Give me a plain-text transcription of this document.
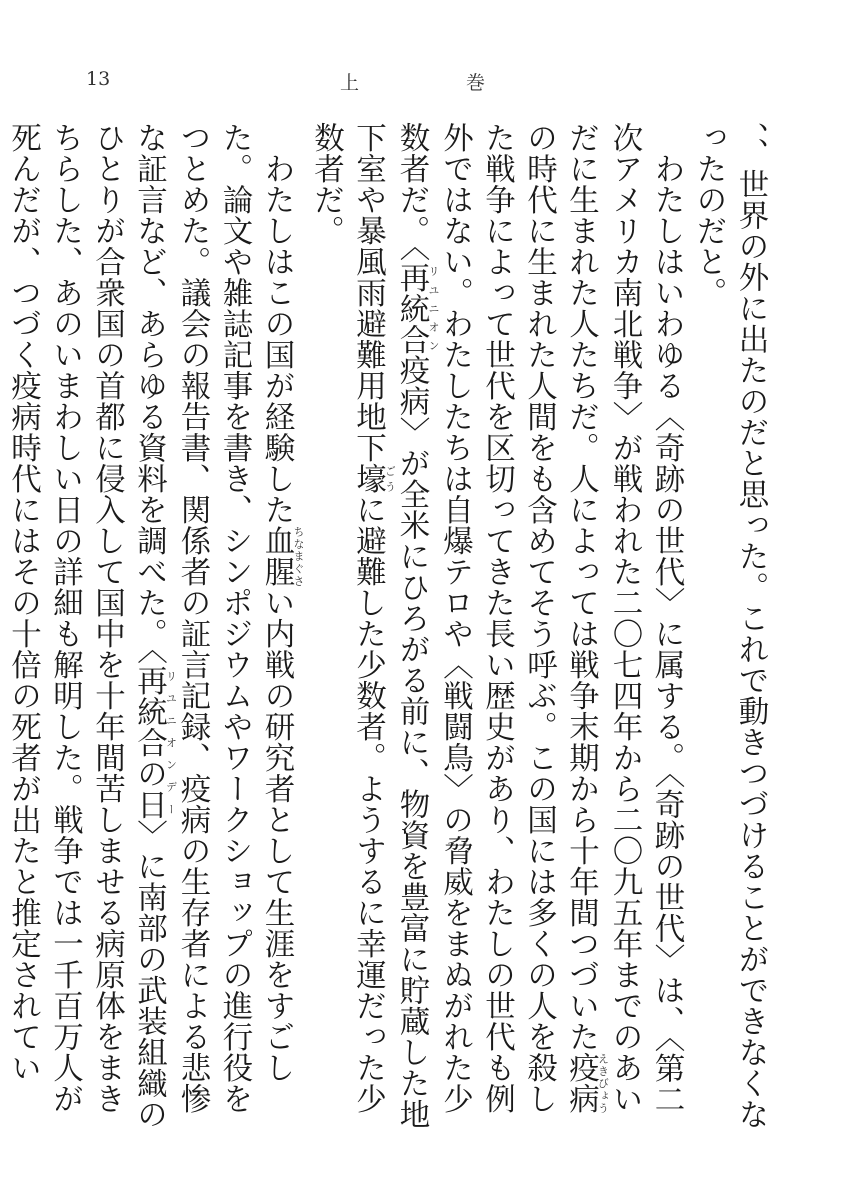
13	上	巻

、、世界の外に出たのだと思った。これで動きつづけることができなくなったのだと。

わたしはいわゆる〈奇跡の世代〉に属する。〈奇跡の世代〉は、〈第二次アメリカ南北戦争〉が戦われた二〇七四年から二〇九五年までのあいだに生まれた人たちだ。人によっては戦争末期から十年間つづいた疫病えきびょうの時代に生まれた人間をも含めてそう呼ぶ。この国には多くの人を殺した戦争によって世代を区切ってきた長い歴史があり、わたしの世代も例外ではない。わたしたちは自爆テロや〈戦闘鳥〉の脅威をまぬがれた少数者だ。〈再統合リユニオン疫病〉が全米にひろがる前に、物資を豊富に貯蔵した地下室や暴風雨避難用地下壕ごうに避難した少数者。ようするに幸運だった少数者だ。

わたしはこの国が経験した血腥ちなまぐさい内戦の研究者として生涯をすごした。論文や雑誌記事を書き、シンポジウムやワークショップの進行役をつとめた。議会の報告書、関係者の証言記録、疫病の生存者による悲惨な証言など、あらゆる資料を調べた。〈再統合の日リユニオンデー〉に南部の武装組織のひとりが合衆国の首都に侵入して国中を十年間苦しませる病原体をまきちらした、あのいまわしい日の詳細も解明した。戦争では一千百万人が死んだが、つづく疫病時代にはその十倍の死者が出たと推定されてい
